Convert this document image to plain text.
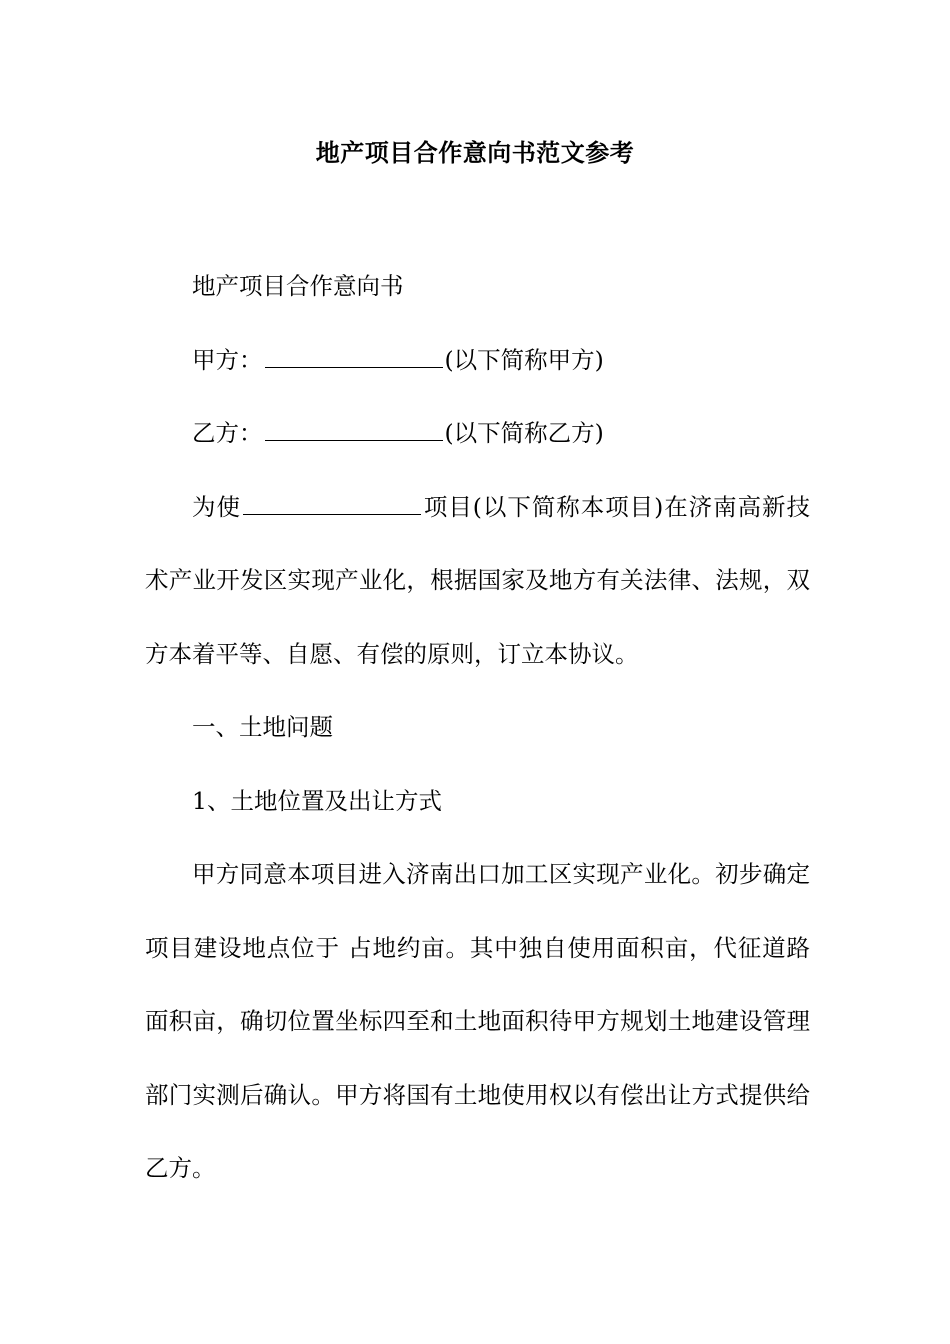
地产项目合作意向书范文参考

地产项目合作意向书

甲方：	(以下简称甲方)

乙方：	(以下简称乙方)

为使	项目(以下简称本项目)在济南高新技术产业开发区实现产业化，根据国家及地方有关法律、法规，双方本着平等、自愿、有偿的原则，订立本协议。

一、土地问题

1、土地位置及出让方式

甲方同意本项目进入济南出口加工区实现产业化。初步确定项目建设地点位于 占地约亩。其中独自使用面积亩，代征道路面积亩，确切位置坐标四至和土地面积待甲方规划土地建设管理部门实测后确认。甲方将国有土地使用权以有偿出让方式提供给乙方。
